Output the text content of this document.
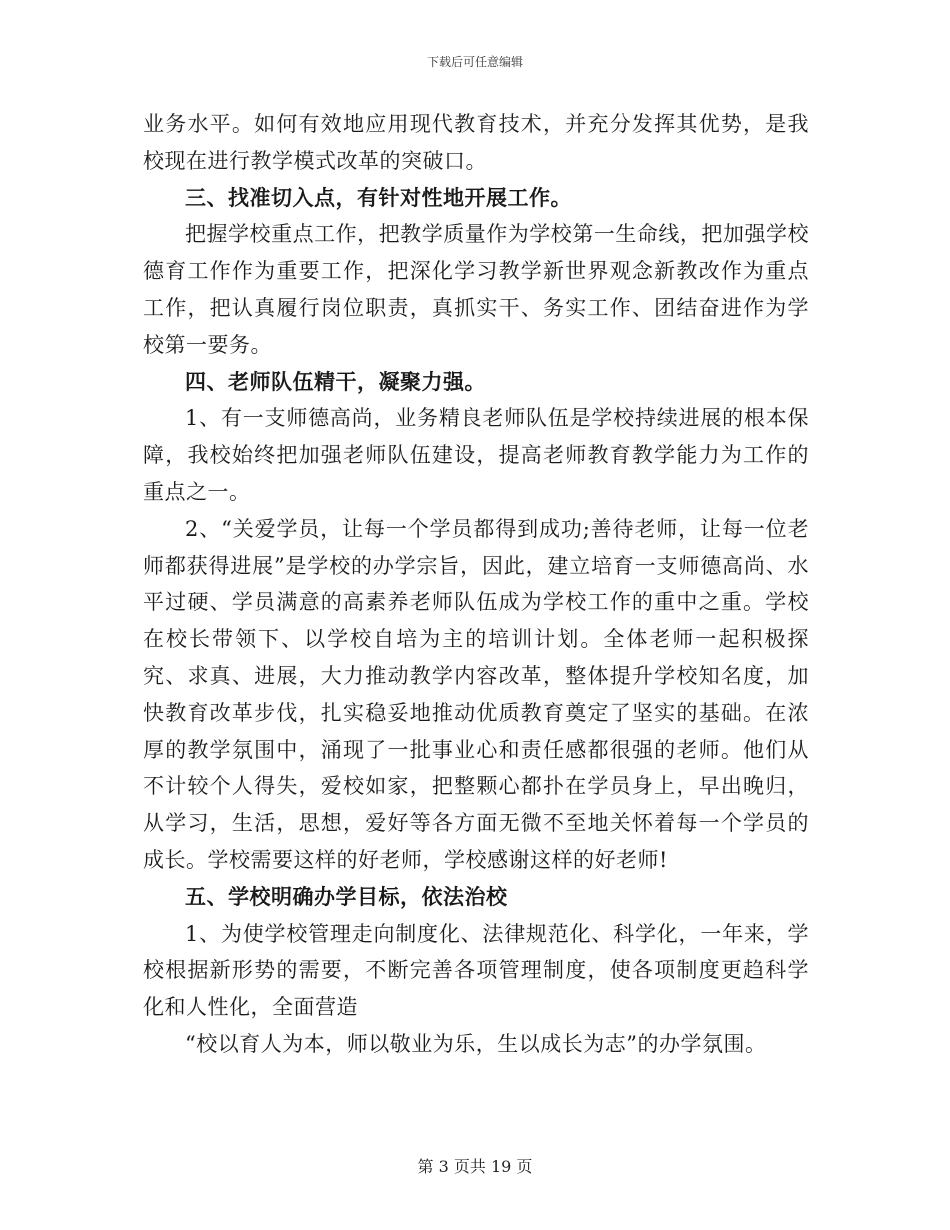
下载后可任意编辑

业务水平。如何有效地应用现代教育技术，并充分发挥其优势，是我校现在进行教学模式改革的突破口。

三、找准切入点，有针对性地开展工作。

把握学校重点工作，把教学质量作为学校第一生命线，把加强学校德育工作作为重要工作，把深化学习教学新世界观念新教改作为重点工作，把认真履行岗位职责，真抓实干、务实工作、团结奋进作为学校第一要务。

四、老师队伍精干，凝聚力强。

1、有一支师德高尚，业务精良老师队伍是学校持续进展的根本保障，我校始终把加强老师队伍建设，提高老师教育教学能力为工作的重点之一。

2、“关爱学员，让每一个学员都得到成功;善待老师，让每一位老师都获得进展”是学校的办学宗旨，因此，建立培育一支师德高尚、水平过硬、学员满意的高素养老师队伍成为学校工作的重中之重。学校在校长带领下、以学校自培为主的培训计划。全体老师一起积极探究、求真、进展，大力推动教学内容改革，整体提升学校知名度，加快教育改革步伐，扎实稳妥地推动优质教育奠定了坚实的基础。在浓厚的教学氛围中，涌现了一批事业心和责任感都很强的老师。他们从不计较个人得失，爱校如家，把整颗心都扑在学员身上，早出晚归，从学习，生活，思想，爱好等各方面无微不至地关怀着每一个学员的成长。学校需要这样的好老师，学校感谢这样的好老师!

五、学校明确办学目标，依法治校

1、为使学校管理走向制度化、法律规范化、科学化，一年来，学校根据新形势的需要，不断完善各项管理制度，使各项制度更趋科学化和人性化，全面营造

“校以育人为本，师以敬业为乐，生以成长为志”的办学氛围。

第 3 页共 19 页
